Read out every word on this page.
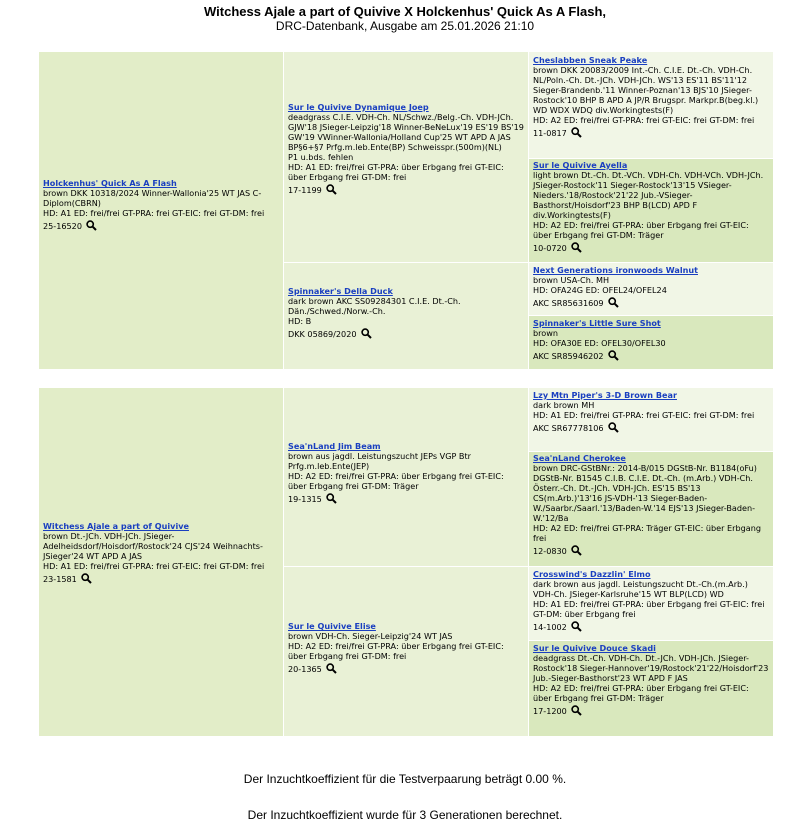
Witchess Ajale a part of Quivive X Holckenhus' Quick As A Flash,
DRC-Datenbank, Ausgabe am 25.01.2026 21:10
Holckenhus' Quick As A Flash
brown DKK 10318/2024 Winner-Wallonia'25 WT JAS C-Diplom(CBRN)
HD: A1 ED: frei/frei GT-PRA: frei GT-EIC: frei GT-DM: frei
25-16520
Sur le Quivive Dynamique Joep
deadgrass C.I.E. VDH-Ch. NL/Schwz./Belg.-Ch. VDH-JCh. GJW'18 JSieger-Leipzig'18 Winner-BeNeLux'19 ES'19 BS'19 GW'19 VWinner-Wallonia/Holland Cup'25 WT APD A JAS BP§6+§7 Prfg.m.leb.Ente(BP) Schweisspr.(500m)(NL)
P1 u.bds. fehlen
HD: A1 ED: frei/frei GT-PRA: über Erbgang frei GT-EIC: über Erbgang frei GT-DM: frei
17-1199
Spinnaker's Della Duck
dark brown AKC SS09284301 C.I.E. Dt.-Ch. Dän./Schwed./Norw.-Ch.
HD: B
DKK 05869/2020
Cheslabben Sneak Peake
brown DKK 20083/2009 Int.-Ch. C.I.E. Dt.-Ch. VDH-Ch. NL/Poln.-Ch. Dt.-JCh. VDH-JCh. WS'13 ES'11 BS'11'12 Sieger-Brandenb.'11 Winner-Poznan'13 BJS'10 JSieger-Rostock'10 BHP B APD A JP/R Brugspr. Markpr.B(beg.kl.) WD WDX WDQ div.Workingtests(F)
HD: A2 ED: frei/frei GT-PRA: frei GT-EIC: frei GT-DM: frei
11-0817
Sur le Quivive Ayella
light brown Dt.-Ch. Dt.-VCh. VDH-Ch. VDH-VCh. VDH-JCh. JSieger-Rostock'11 Sieger-Rostock'13'15 VSieger-Nieders.'18/Rostock'21'22 Jub.-VSieger-Basthorst/Hoisdorf'23 BHP B(LCD) APD F div.Workingtests(F)
HD: A2 ED: frei/frei GT-PRA: über Erbgang frei GT-EIC: über Erbgang frei GT-DM: Träger
10-0720
Next Generations ironwoods Walnut
brown USA-Ch. MH
HD: OFA24G ED: OFEL24/OFEL24
AKC SR85631609
Spinnaker's Little Sure Shot
brown
HD: OFA30E ED: OFEL30/OFEL30
AKC SR85946202
Witchess Ajale a part of Quivive
brown Dt.-JCh. VDH-JCh. JSieger-Adelheidsdorf/Hoisdorf/Rostock'24 CJS'24 Weihnachts-JSieger'24 WT APD A JAS
HD: A1 ED: frei/frei GT-PRA: frei GT-EIC: frei GT-DM: frei
23-1581
Sea'nLand Jim Beam
brown aus jagdl. Leistungszucht JEPs VGP Btr Prfg.m.leb.Ente(JEP)
HD: A2 ED: frei/frei GT-PRA: über Erbgang frei GT-EIC: über Erbgang frei GT-DM: Träger
19-1315
Sur le Quivive Elise
brown VDH-Ch. Sieger-Leipzig'24 WT JAS
HD: A2 ED: frei/frei GT-PRA: über Erbgang frei GT-EIC: über Erbgang frei GT-DM: frei
20-1365
Lzy Mtn Piper's 3-D Brown Bear
dark brown MH
HD: A1 ED: frei/frei GT-PRA: frei GT-EIC: frei GT-DM: frei
AKC SR67778106
Sea'nLand Cherokee
brown DRC-GStBNr.: 2014-B/015 DGStB-Nr. B1184(oFu) DGStB-Nr. B1545 C.I.B. C.I.E. Dt.-Ch. (m.Arb.) VDH-Ch. Österr.-Ch. Dt.-JCh. VDH-JCh. ES'15 BS'13 CS(m.Arb.)'13'16 JS-VDH-'13 Sieger-Baden-W./Saarbr./Saarl.'13/Baden-W.'14 EJS'13 JSieger-Baden-W.'12/Ba
HD: A2 ED: frei/frei GT-PRA: Träger GT-EIC: über Erbgang frei
12-0830
Crosswind's Dazzlin' Elmo
dark brown aus jagdl. Leistungszucht Dt.-Ch.(m.Arb.) VDH-Ch. JSieger-Karlsruhe'15 WT BLP(LCD) WD
HD: A1 ED: frei/frei GT-PRA: über Erbgang frei GT-EIC: frei GT-DM: über Erbgang frei
14-1002
Sur le Quivive Douce Skadi
deadgrass Dt.-Ch. VDH-Ch. Dt.-JCh. VDH-JCh. JSieger-Rostock'18 Sieger-Hannover'19/Rostock'21'22/Hoisdorf'23 Jub.-Sieger-Basthorst'23 WT APD F JAS
HD: A2 ED: frei/frei GT-PRA: über Erbgang frei GT-EIC: über Erbgang frei GT-DM: Träger
17-1200
Der Inzuchtkoeffizient für die Testverpaarung beträgt 0.00 %.
Der Inzuchtkoeffizient wurde für 3 Generationen berechnet.
